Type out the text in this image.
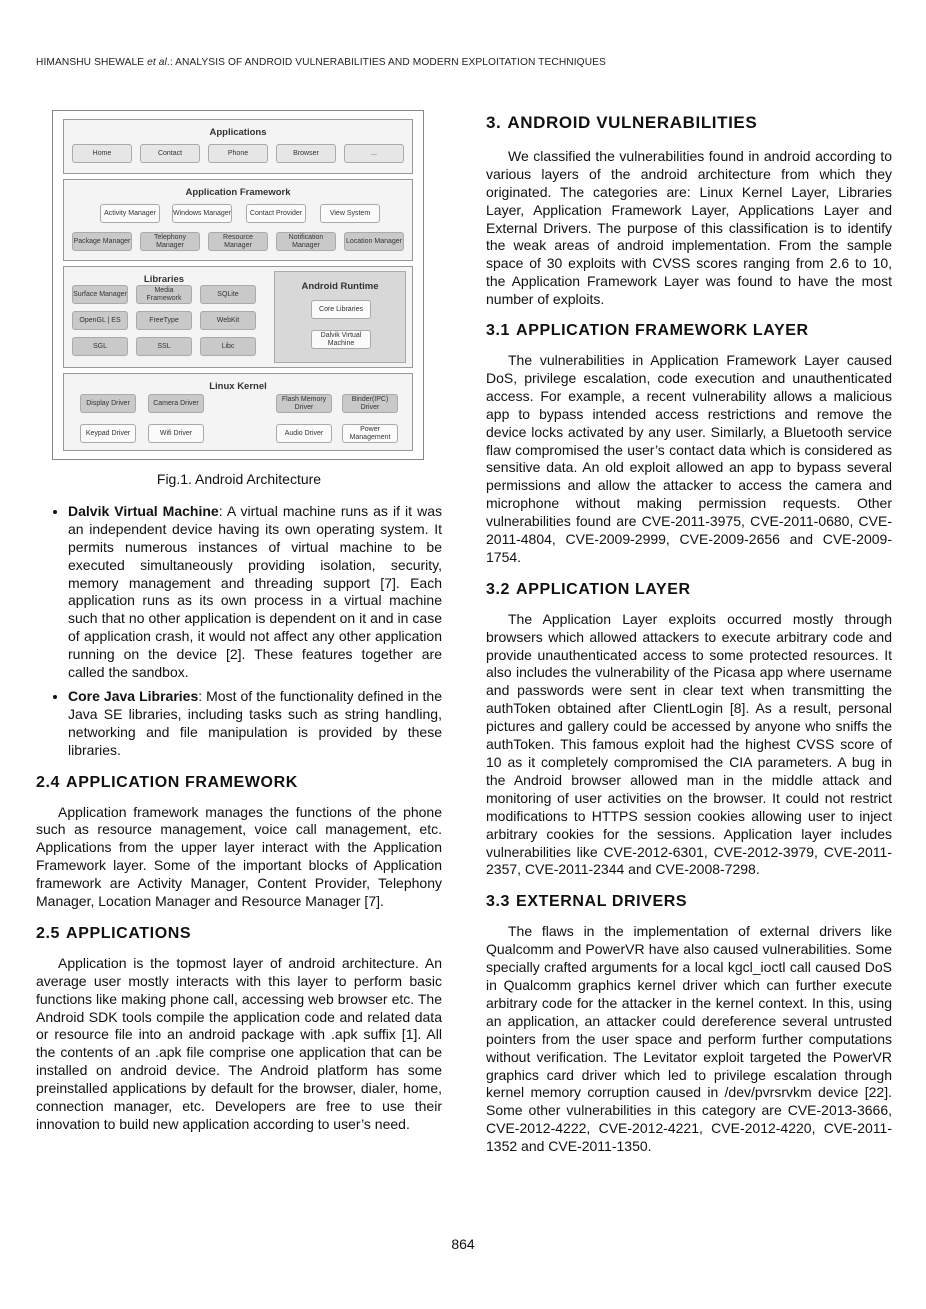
HIMANSHU SHEWALE et al.: ANALYSIS OF ANDROID VULNERABILITIES AND MODERN EXPLOITATION TECHNIQUES
Applications
Home	Contact	Phone	Browser	...
Application Framework
Activity Manager	Windows Manager	Contact Provider	View System
Package Manager
Telephony Manager
Resource Manager
Notification Manager
Location Manager
Libraries
Surface Manager
Media Framework
SQLite
OpenGL | ES	FreeType	WebKit
SGL	SSL	Libc
Android Runtime
Core Libraries
Dalvik Virtual Machine
Linux Kernel
Display Driver	Camera Driver
Flash Memory Driver
Binder(IPC) Driver
Keypad Driver	Wifi Driver	Audio Driver
Power Management

Fig.1. Android Architecture

• Dalvik Virtual Machine: A virtual machine runs as if it was an independent device having its own operating system. It permits numerous instances of virtual machine to be executed simultaneously providing isolation, security, memory management and threading support [7]. Each application runs as its own process in a virtual machine such that no other application is dependent on it and in case of application crash, it would not affect any other application running on the device [2]. These features together are called the sandbox.
• Core Java Libraries: Most of the functionality defined in the Java SE libraries, including tasks such as string handling, networking and file manipulation is provided by these libraries.
2.4 APPLICATION FRAMEWORK

Application framework manages the functions of the phone such as resource management, voice call management, etc. Applications from the upper layer interact with the Application Framework layer. Some of the important blocks of Application framework are Activity Manager, Content Provider, Telephony Manager, Location Manager and Resource Manager [7].

2.5 APPLICATIONS

Application is the topmost layer of android architecture. An average user mostly interacts with this layer to perform basic functions like making phone call, accessing web browser etc. The Android SDK tools compile the application code and related data or resource file into an android package with .apk suffix [1]. All the contents of an .apk file comprise one application that can be installed on android device. The Android platform has some preinstalled applications by default for the browser, dialer, home, connection manager, etc. Developers are free to use their innovation to build new application according to user’s need.

3. ANDROID VULNERABILITIES

We classified the vulnerabilities found in android according to various layers of the android architecture from which they originated. The categories are: Linux Kernel Layer, Libraries Layer, Application Framework Layer, Applications Layer and External Drivers. The purpose of this classification is to identify the weak areas of android implementation. From the sample space of 30 exploits with CVSS scores ranging from 2.6 to 10, the Application Framework Layer was found to have the most number of exploits.

3.1 APPLICATION FRAMEWORK LAYER

The vulnerabilities in Application Framework Layer caused DoS, privilege escalation, code execution and unauthenticated access. For example, a recent vulnerability allows a malicious app to bypass intended access restrictions and remove the device locks activated by any user. Similarly, a Bluetooth service flaw compromised the user’s contact data which is considered as sensitive data. An old exploit allowed an app to bypass several permissions and allow the attacker to access the camera and microphone without making permission requests. Other vulnerabilities found are CVE-2011-3975, CVE-2011-0680, CVE-2011-4804, CVE-2009-2999, CVE-2009-2656 and CVE-2009-1754.

3.2 APPLICATION LAYER

The Application Layer exploits occurred mostly through browsers which allowed attackers to execute arbitrary code and provide unauthenticated access to some protected resources. It also includes the vulnerability of the Picasa app where username and passwords were sent in clear text when transmitting the authToken obtained after ClientLogin [8]. As a result, personal pictures and gallery could be accessed by anyone who sniffs the authToken. This famous exploit had the highest CVSS score of 10 as it completely compromised the CIA parameters. A bug in the Android browser allowed man in the middle attack and monitoring of user activities on the browser. It could not restrict modifications to HTTPS session cookies allowing user to inject arbitrary cookies for the sessions. Application layer includes vulnerabilities like CVE-2012-6301, CVE-2012-3979, CVE-2011-2357, CVE-2011-2344 and CVE-2008-7298.

3.3 EXTERNAL DRIVERS

The flaws in the implementation of external drivers like Qualcomm and PowerVR have also caused vulnerabilities. Some specially crafted arguments for a local kgcl_ioctl call caused DoS in Qualcomm graphics kernel driver which can further execute arbitrary code for the attacker in the kernel context. In this, using an application, an attacker could dereference several untrusted pointers from the user space and perform further computations without verification. The Levitator exploit targeted the PowerVR graphics card driver which led to privilege escalation through kernel memory corruption caused in /dev/pvrsrvkm device [22]. Some other vulnerabilities in this category are CVE-2013-3666, CVE-2012-4222, CVE-2012-4221, CVE-2012-4220, CVE-2011-1352 and CVE-2011-1350.

864
